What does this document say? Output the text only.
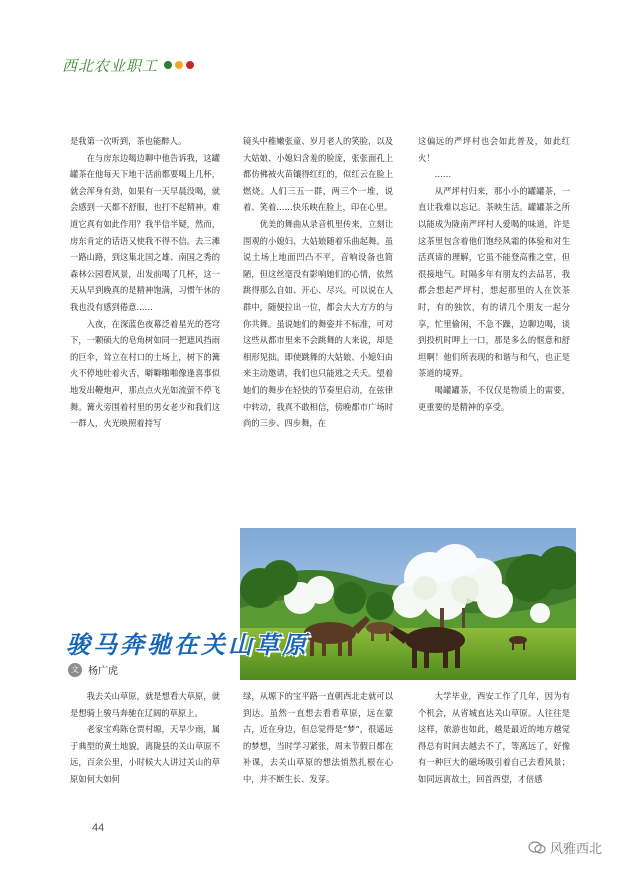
西北农业职工

是我第一次听到，茶也能醉人。

在与房东边喝边聊中他告诉我，这罐罐茶在他每天下地干活前都要喝上几杯，就会浑身有劲，如果有一天早晨没喝，就会感到一天都不舒服，也打不起精神。难道它真有如此作用？我半信半疑，然而，房东肯定的话语又使我不得不信。去三滩一路山路，到这集北国之雄、南国之秀的森林公园看风景，出发前喝了几杯，这一天从早到晚真的是精神饱满，习惯午休的我也没有感到倦意……

入夜，在深蓝色夜幕泛着星光的苍穹下，一颗硕大的皂角树如同一把遮风挡雨的巨伞，耸立在村口的土场上，树下的篝火不停地吐着火舌，噼噼啪啪像逢喜事似地发出鞭炮声，那点点火光如流萤不停飞舞。篝火旁围着村里的男女老少和我们这一群人，火光映照着持写

镜头中稚嫩张童、岁月老人的笑脸，以及大姑娘、小媳妇含羞的脸庞，张张面孔上都仿佛被火苗镶得红红的，似红云在脸上燃烧。人们三五一群，两三个一堆，说着、笑着……快乐映在脸上，印在心里。

优美的舞曲从录音机里传来，立刻让围观的小媳妇、大姑娘随着乐曲起舞。虽说土场上地面凹凸不平，音响设备也简陋，但这丝毫没有影响她们的心情，依然跳得那么自如、开心、尽兴。可以说在人群中，随便拉出一位，都会大大方方的与你共舞。虽说她们的舞姿并不标准，可对这些从都市里来不会跳舞的人来说，却是相形见拙。即使跳舞的大姑娘、小媳妇由来主动邀请，我们也只能逃之夭夭。望着她们的舞步在轻快的节奏里启动，在弦律中转动，我真不敢相信，傍晚都市广场时尚的三步、四步舞，在

这偏远的严坪村也会如此普及，如此红火！

……

从严坪村归来，那小小的罐罐茶，一直让我难以忘记。茶映生活。罐罐茶之所以能成为陇南严坪村人爱喝的味道，许是这茶里包含着他们饱经风霜的体验和对生活真谛的理解，它虽不能登高雅之堂，但很接地气。时隔多年有朋友约去品茗，我都会想起严坪村，想起那里的人在饮茶时，有的独饮，有的请几个朋友一起分享，忙里偷闲，不急不躁，边聊边喝，谈到投机时呷上一口，那是多么的惬意和舒坦啊！他们所表现的和谐与和气，也正是茶道的境界。

喝罐罐茶，不仅仅是物质上的需要，更重要的是精神的享受。

骏马奔驰在关山草原
文 杨广虎

我去关山草原，就是想看大草原，就是想骑上骏马奔驰在辽阔的草原上。

老家宝鸡陈仓贾村塬，天旱少雨，属于典型的黄土地貌，离陇县的关山草原不远，百余公里，小时候大人讲过关山的草原如何大如何

绿，从塬下的宝平路一直朝西北走就可以到达。虽然一直想去看看草原，远在蒙古，近在身边，但总觉得是“梦”，很遥远的梦想，当时学习紧张，周末节假日都在补课，去关山草原的想法悄然扎根在心中，并不断生长、发芽。

大学毕业，西安工作了几年，因为有个机会，从省城直达关山草原。人往往是这样，旅游也如此，越是最近的地方越觉得总有时间去越去不了，等离远了，好像有一种巨大的磁场吸引着自己去看风景；如同远离故土，回首西望，才倍感

44
风雅西北
